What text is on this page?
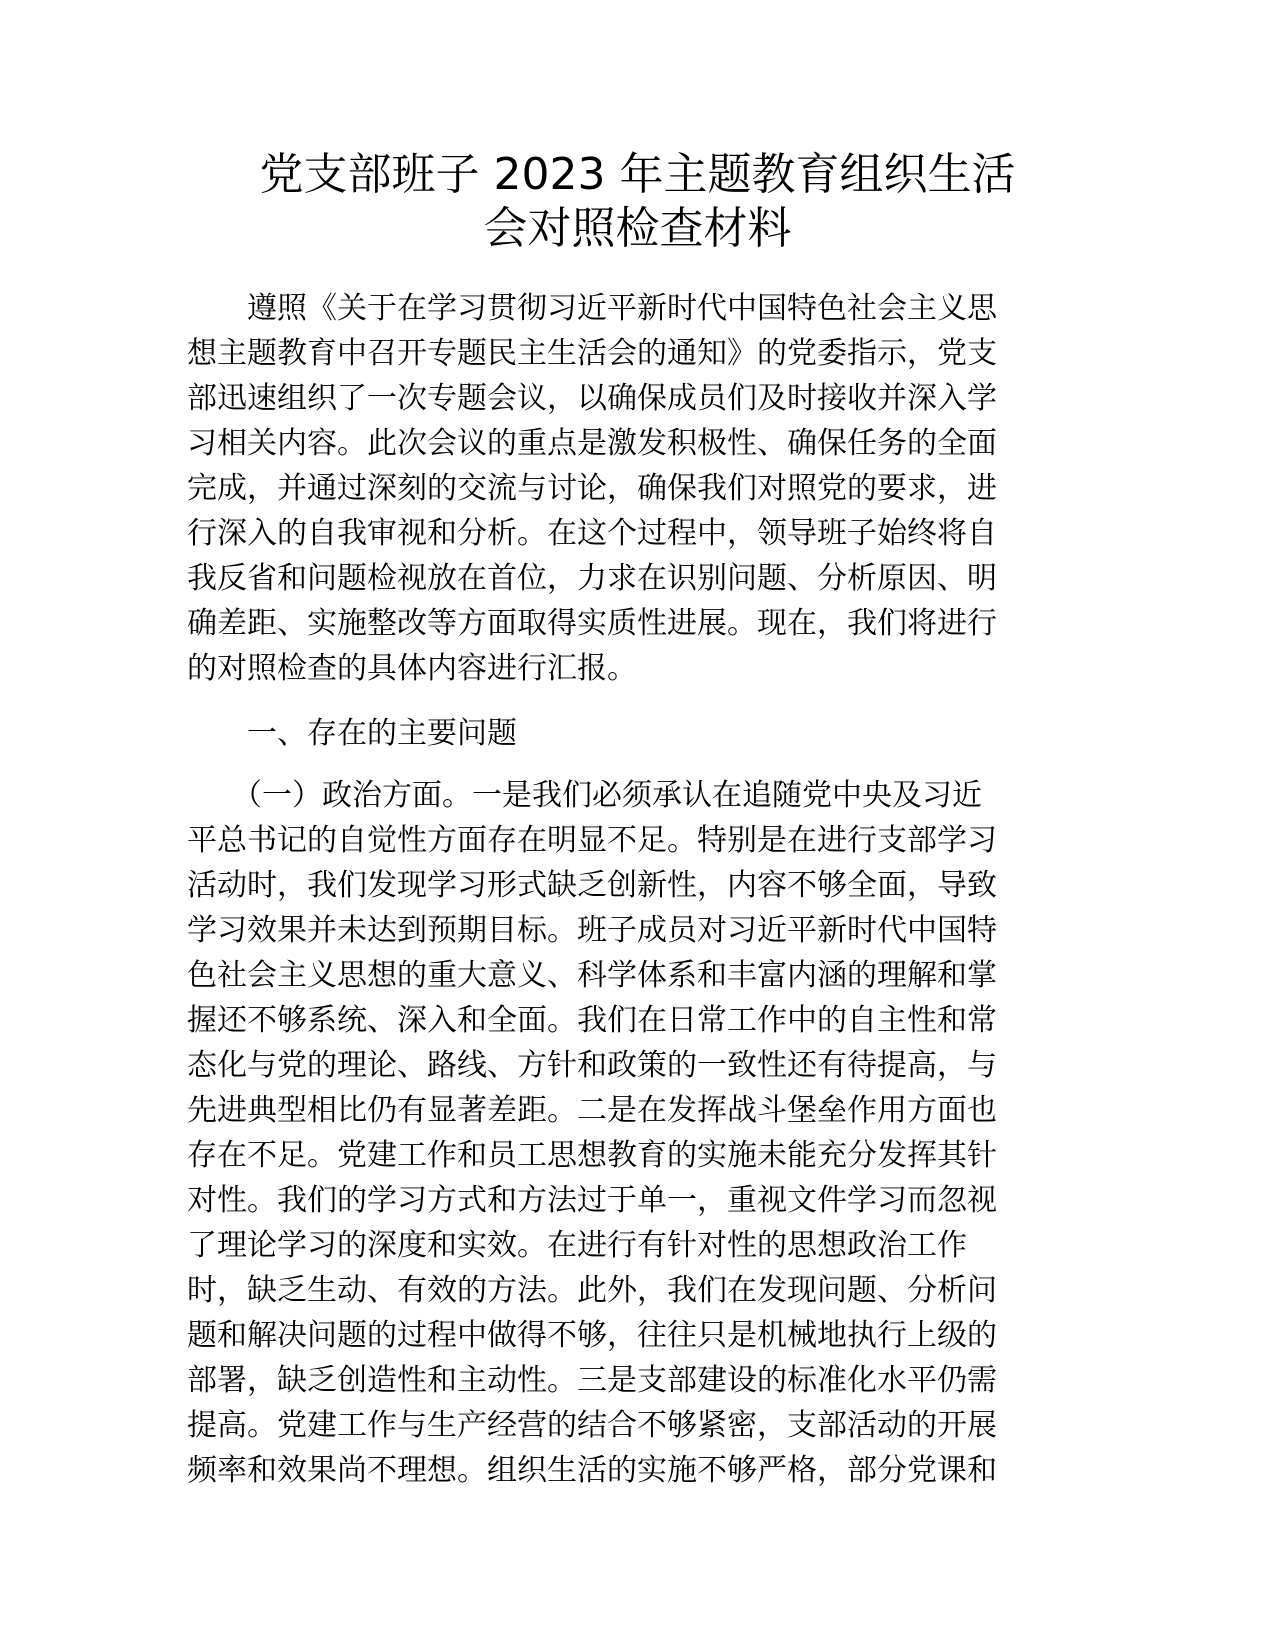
党支部班子 2023 年主题教育组织生活
会对照检查材料
　　遵照《关于在学习贯彻习近平新时代中国特色社会主义思
想主题教育中召开专题民主生活会的通知》的党委指示，党支
部迅速组织了一次专题会议，以确保成员们及时接收并深入学
习相关内容。此次会议的重点是激发积极性、确保任务的全面
完成，并通过深刻的交流与讨论，确保我们对照党的要求，进
行深入的自我审视和分析。在这个过程中，领导班子始终将自
我反省和问题检视放在首位，力求在识别问题、分析原因、明
确差距、实施整改等方面取得实质性进展。现在，我们将进行
的对照检查的具体内容进行汇报。
　　一、存在的主要问题
　　（一）政治方面。一是我们必须承认在追随党中央及习近
平总书记的自觉性方面存在明显不足。特别是在进行支部学习
活动时，我们发现学习形式缺乏创新性，内容不够全面，导致
学习效果并未达到预期目标。班子成员对习近平新时代中国特
色社会主义思想的重大意义、科学体系和丰富内涵的理解和掌
握还不够系统、深入和全面。我们在日常工作中的自主性和常
态化与党的理论、路线、方针和政策的一致性还有待提高，与
先进典型相比仍有显著差距。二是在发挥战斗堡垒作用方面也
存在不足。党建工作和员工思想教育的实施未能充分发挥其针
对性。我们的学习方式和方法过于单一，重视文件学习而忽视
了理论学习的深度和实效。在进行有针对性的思想政治工作
时，缺乏生动、有效的方法。此外，我们在发现问题、分析问
题和解决问题的过程中做得不够，往往只是机械地执行上级的
部署，缺乏创造性和主动性。三是支部建设的标准化水平仍需
提高。党建工作与生产经营的结合不够紧密，支部活动的开展
频率和效果尚不理想。组织生活的实施不够严格，部分党课和
